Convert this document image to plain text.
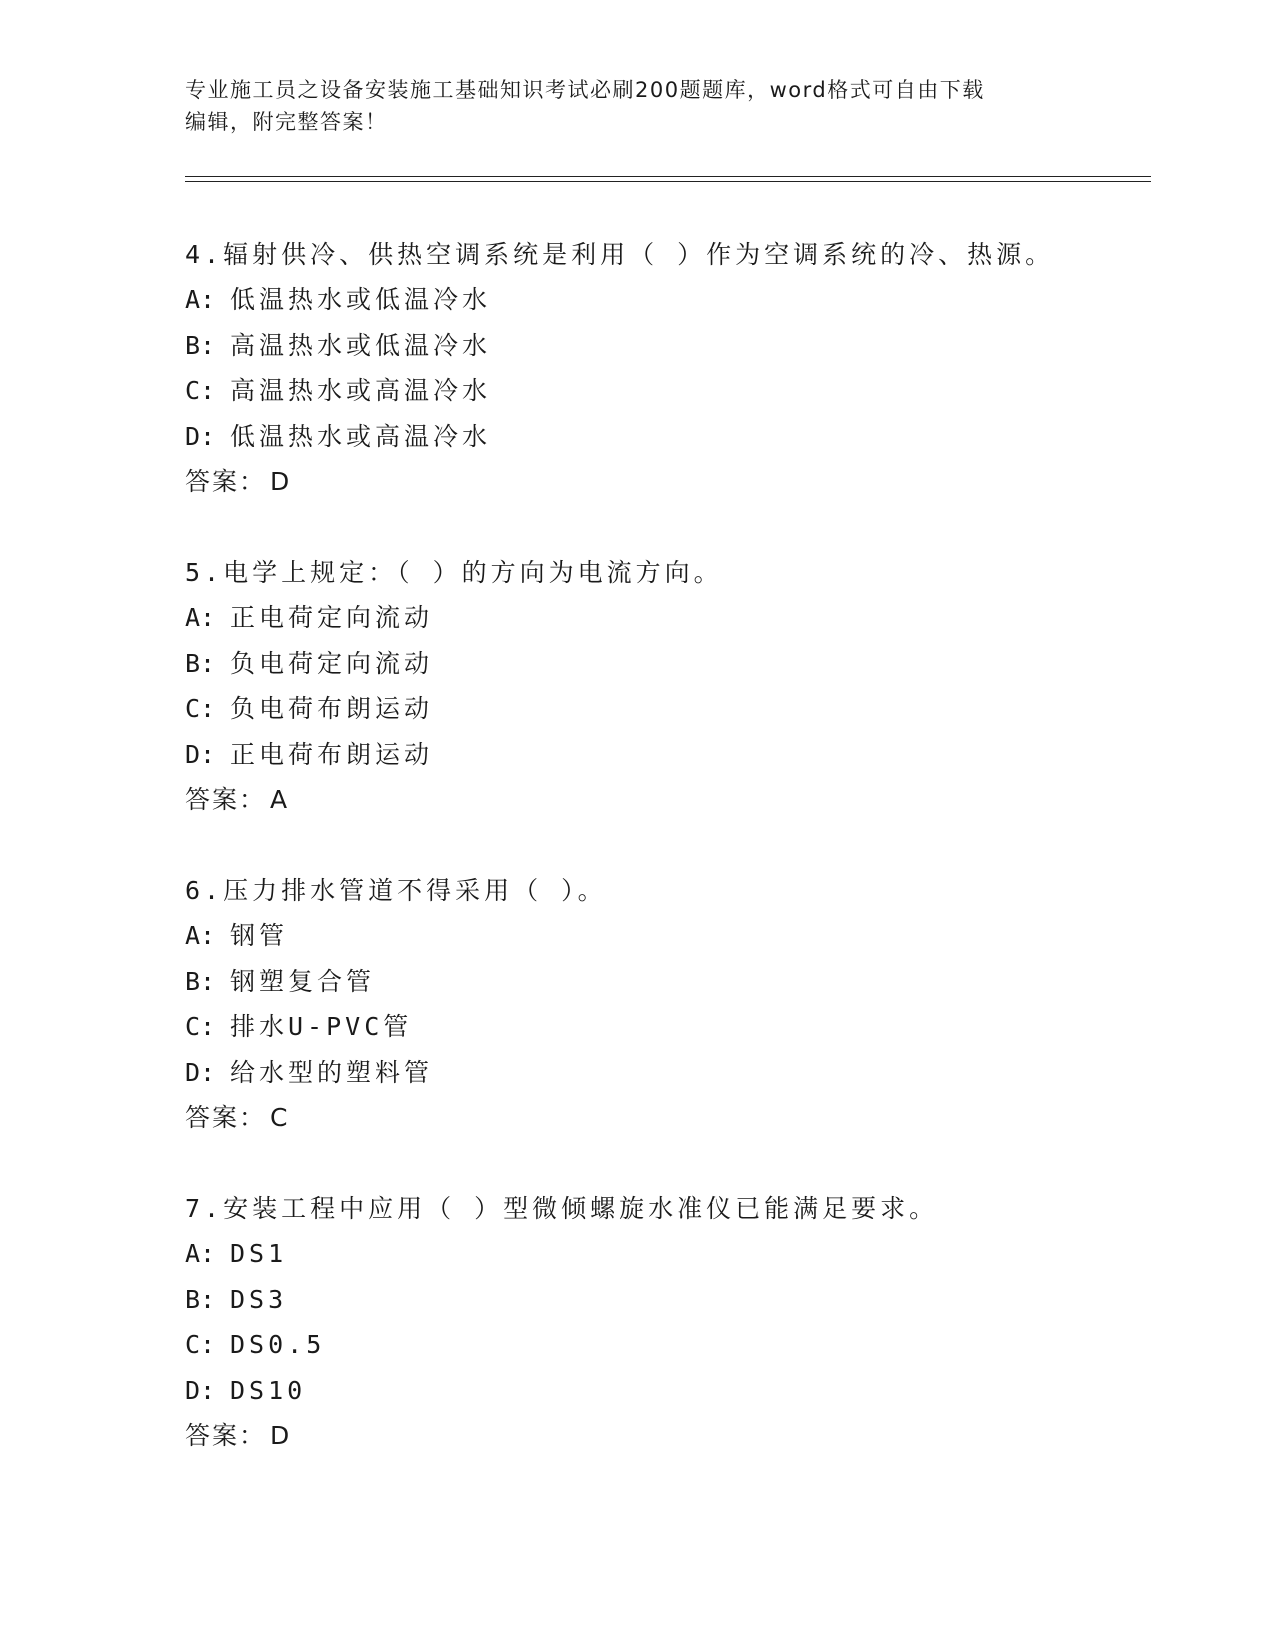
专业施工员之设备安装施工基础知识考试必刷200题题库，word格式可自由下载
编辑，附完整答案！
4.辐射供冷、供热空调系统是利用（ ）作为空调系统的冷、热源。
A: 低温热水或低温冷水
B: 高温热水或低温冷水
C: 高温热水或高温冷水
D: 低温热水或高温冷水
答案： D
5.电学上规定：（ ）的方向为电流方向。
A: 正电荷定向流动
B: 负电荷定向流动
C: 负电荷布朗运动
D: 正电荷布朗运动
答案： A
6.压力排水管道不得采用（ ）。
A: 钢管
B: 钢塑复合管
C: 排水U-PVC管
D: 给水型的塑料管
答案： C
7.安装工程中应用（ ）型微倾螺旋水准仪已能满足要求。
A: DS1
B: DS3
C: DS0.5
D: DS10
答案： D
